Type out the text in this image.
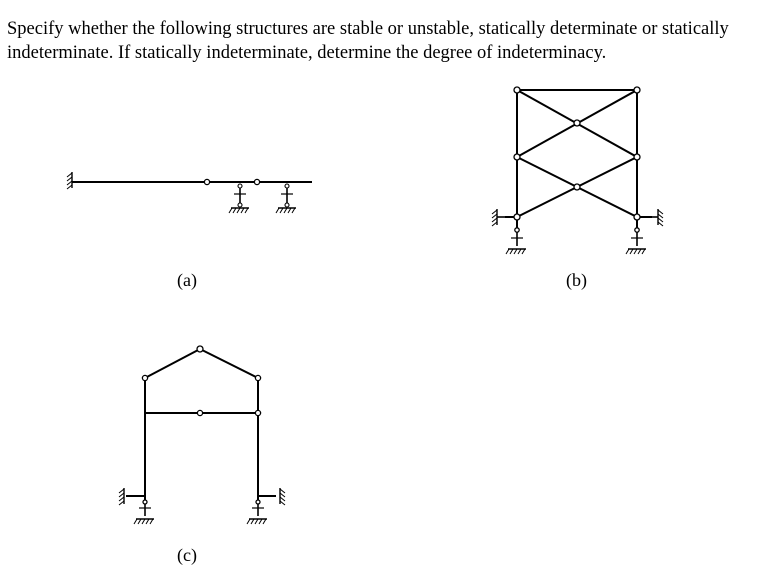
Specify whether the following structures are stable or unstable, statically determinate or statically indeterminate. If statically indeterminate, determine the degree of indeterminacy.

(a)	(b)
(c)
